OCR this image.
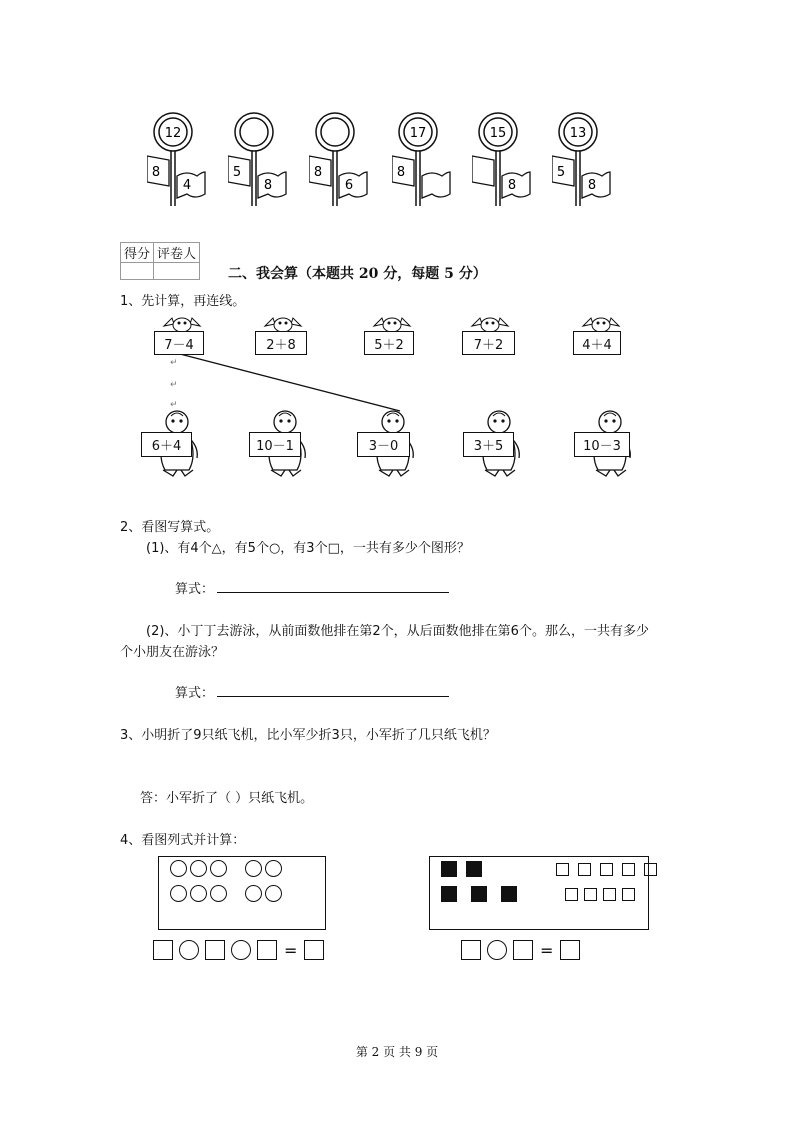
12
8
4
5
8
8
6
17
8
15
8
13
5
8
得分	评卷人

二、我会算（本题共 20 分，每题 5 分）
1、先计算，再连线。
7－4	2＋8	5＋2	7＋2	4＋4
6＋4	10－1	3－0	3＋5	10－3
↵
↵
↵
2、看图写算式。
(1)、有4个△，有5个○，有3个□，一共有多少个图形？
算式：
(2)、小丁丁去游泳，从前面数他排在第2个，从后面数他排在第6个。那么，一共有多少
个小朋友在游泳？
算式：
3、小明折了9只纸飞机，比小军少折3只，小军折了几只纸飞机？
答：小军折了（ ）只纸飞机。
4、看图列式并计算：
=	=
第 2 页 共 9 页
